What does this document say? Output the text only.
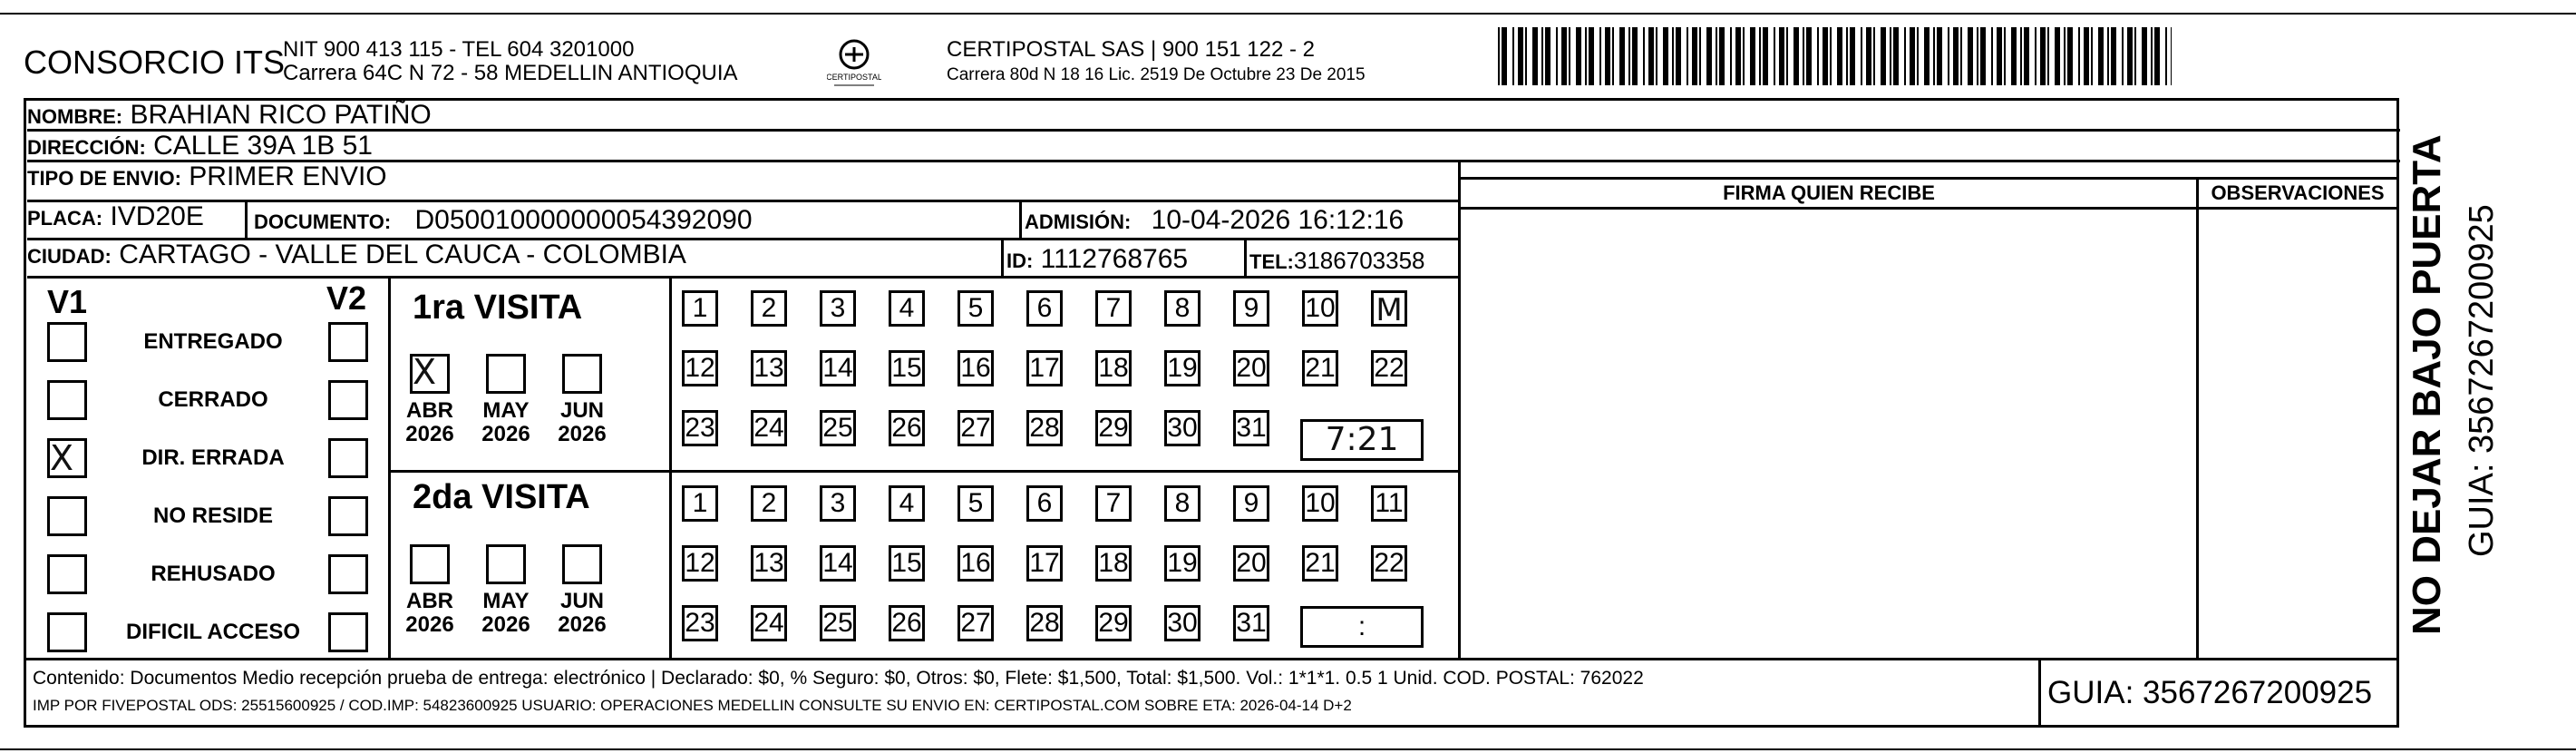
CONSORCIO ITS
NIT 900 413 115 - TEL 604 3201000
Carrera 64C N 72 - 58 MEDELLIN ANTIOQUIA	CERTIPOSTAL
CERTIPOSTAL SAS | 900 151 122 - 2
Carrera 80d N 18 16 Lic. 2519 De Octubre 23 De 2015
NOMBRE: BRAHIAN RICO PATIÑO
DIRECCIÓN: CALLE 39A 1B 51
TIPO DE ENVIO: PRIMER ENVIO
FIRMA QUIEN RECIBE	OBSERVACIONES
PLACA: IVD20E	DOCUMENTO: D050010000000054392090	ADMISIÓN: 10-04-2026 16:12:16
CIUDAD: CARTAGO - VALLE DEL CAUCA - COLOMBIA	ID: 1112768765	TEL:3186703358
V1	V2
ENTREGADO
CERRADO
X	DIR. ERRADA
NO RESIDE
REHUSADO
DIFICIL ACCESO
1ra VISITA
X
ABR
2026
MAY
2026
JUN
2026
1	2	3	4	5	6	7	8	9	10 M
12 13 14 15 16 17 18 19 20 21 22
23 24 25 26 27 28 29 30 31	7:21
2da VISITA
ABR
2026
MAY
2026
JUN
2026
1	2	3	4	5	6	7	8	9	10 11
12 13 14 15 16 17 18 19 20 21 22
23 24 25 26 27 28 29 30 31	:
Contenido: Documentos Medio recepción prueba de entrega: electrónico | Declarado: $0, % Seguro: $0, Otros: $0, Flete: $1,500, Total: $1,500. Vol.: 1*1*1. 0.5 1 Unid. COD. POSTAL: 762022
IMP POR FIVEPOSTAL ODS: 25515600925 / COD.IMP: 54823600925 USUARIO: OPERACIONES MEDELLIN CONSULTE SU ENVIO EN: CERTIPOSTAL.COM SOBRE ETA: 2026-04-14 D+2	GUIA: 3567267200925
NO DEJAR BAJO PUERTA GUIA: 3567267200925
